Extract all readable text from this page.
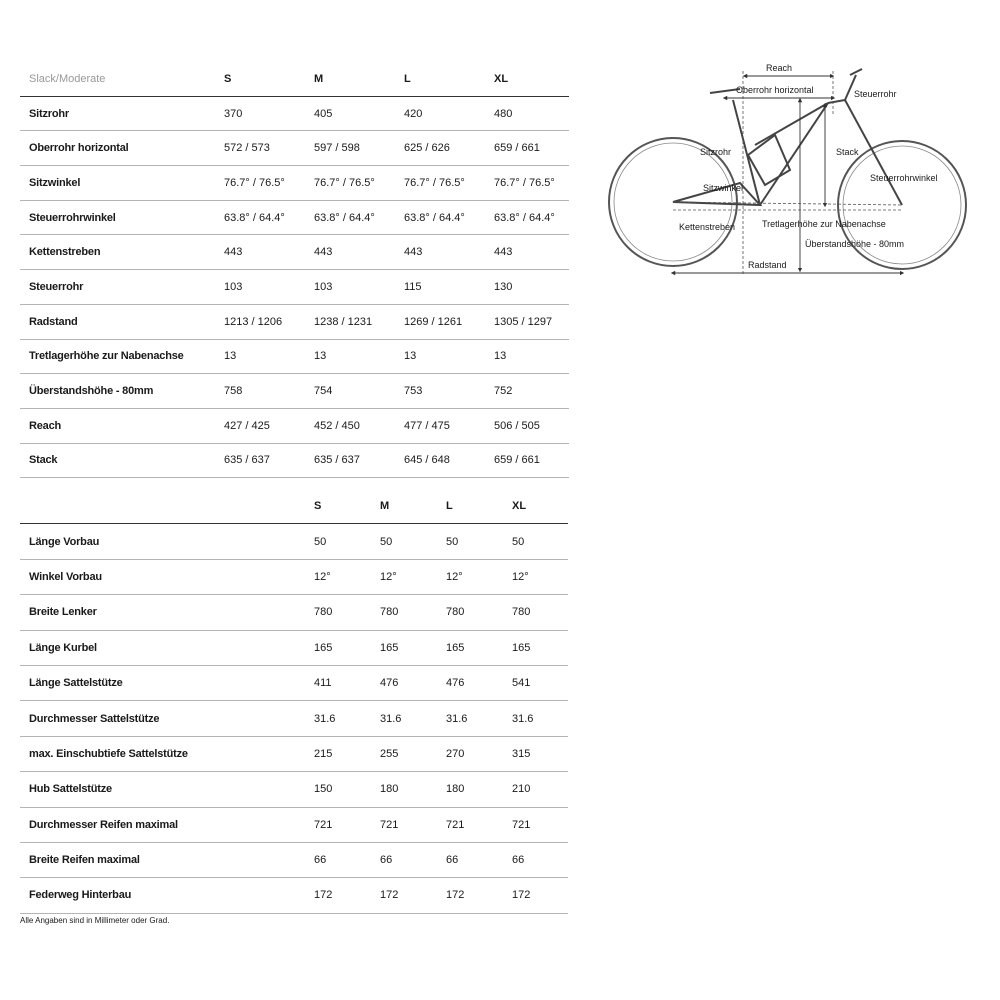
Slack/Moderate	S	M	L	XL
Sitzrohr	370	405	420	480
Oberrohr horizontal	572 / 573	597 / 598	625 / 626	659 / 661
Sitzwinkel	76.7° / 76.5°	76.7° / 76.5°	76.7° / 76.5°	76.7° / 76.5°
Steuerrohrwinkel	63.8° / 64.4°	63.8° / 64.4°	63.8° / 64.4°	63.8° / 64.4°
Kettenstreben	443	443	443	443
Steuerrohr	103	103	115	130
Radstand	1213 / 1206	1238 / 1231	1269 / 1261	1305 / 1297
Tretlagerhöhe zur Nabenachse	13	13	13	13
Überstandshöhe - 80mm	758	754	753	752
Reach	427 / 425	452 / 450	477 / 475	506 / 505
Stack	635 / 637	635 / 637	645 / 648	659 / 661
	S	M	L	XL
Länge Vorbau	50	50	50	50
Winkel Vorbau	12°	12°	12°	12°
Breite Lenker	780	780	780	780
Länge Kurbel	165	165	165	165
Länge Sattelstütze	411	476	476	541
Durchmesser Sattelstütze	31.6	31.6	31.6	31.6
max. Einschubtiefe Sattelstütze	215	255	270	315
Hub Sattelstütze	150	180	180	210
Durchmesser Reifen maximal	721	721	721	721
Breite Reifen maximal	66	66	66	66
Federweg Hinterbau	172	172	172	172
Alle Angaben sind in Millimeter oder Grad.
Reach
Oberrohr horizontal	Steuerrohr
Sitzrohr	Stack
Steuerrohrwinkel
Sitzwinkel
Kettenstreben	Tretlagerhöhe zur Nabenachse
Überstandshöhe - 80mm
Radstand
